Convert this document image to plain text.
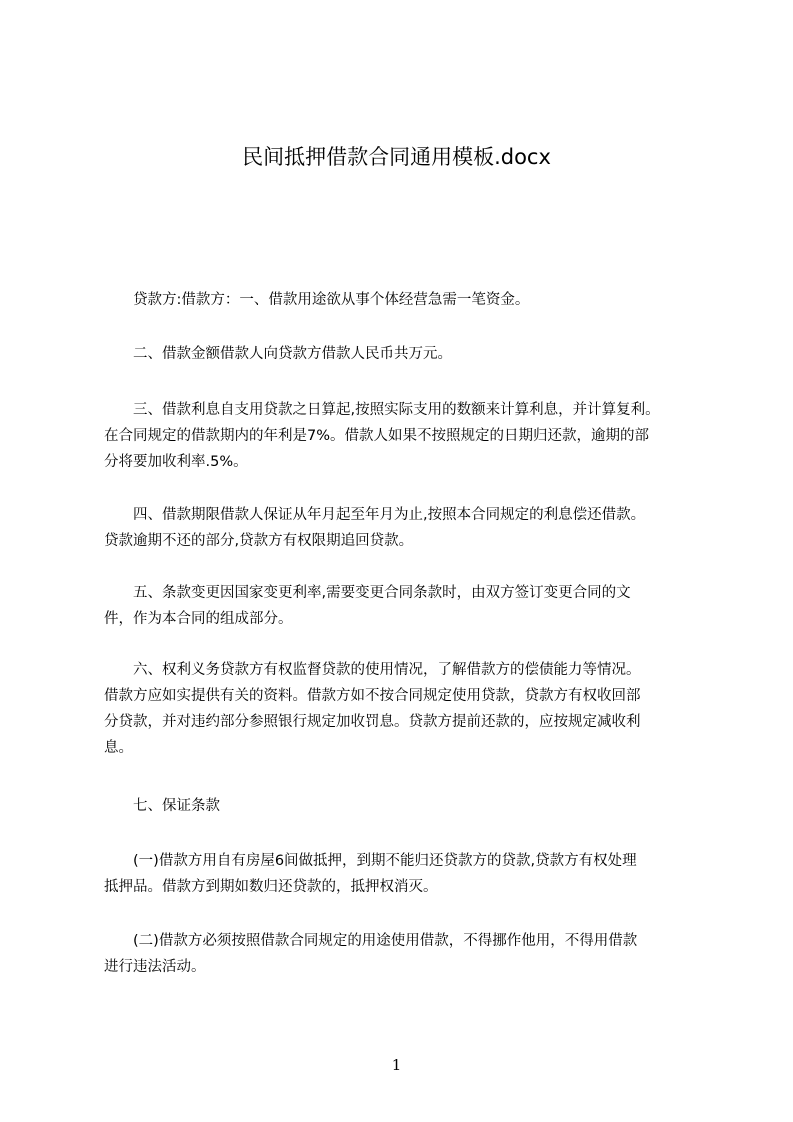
民间抵押借款合同通用模板.docx
　　贷款方:借款方：一、借款用途欲从事个体经营急需一笔资金。
　　二、借款金额借款人向贷款方借款人民币共万元。
　　三、借款利息自支用贷款之日算起,按照实际支用的数额来计算利息，并计算复利。
在合同规定的借款期内的年利是7%。借款人如果不按照规定的日期归还款，逾期的部
分将要加收利率.5%。
　　四、借款期限借款人保证从年月起至年月为止,按照本合同规定的利息偿还借款。
贷款逾期不还的部分,贷款方有权限期追回贷款。
　　五、条款变更因国家变更利率,需要变更合同条款时，由双方签订变更合同的文
件，作为本合同的组成部分。
　　六、权利义务贷款方有权监督贷款的使用情况，了解借款方的偿债能力等情况。
借款方应如实提供有关的资料。借款方如不按合同规定使用贷款，贷款方有权收回部
分贷款，并对违约部分参照银行规定加收罚息。贷款方提前还款的，应按规定减收利
息。
　　七、保证条款
　　(一)借款方用自有房屋6间做抵押，到期不能归还贷款方的贷款,贷款方有权处理
抵押品。借款方到期如数归还贷款的，抵押权消灭。
　　(二)借款方必须按照借款合同规定的用途使用借款，不得挪作他用，不得用借款
进行违法活动。
1
